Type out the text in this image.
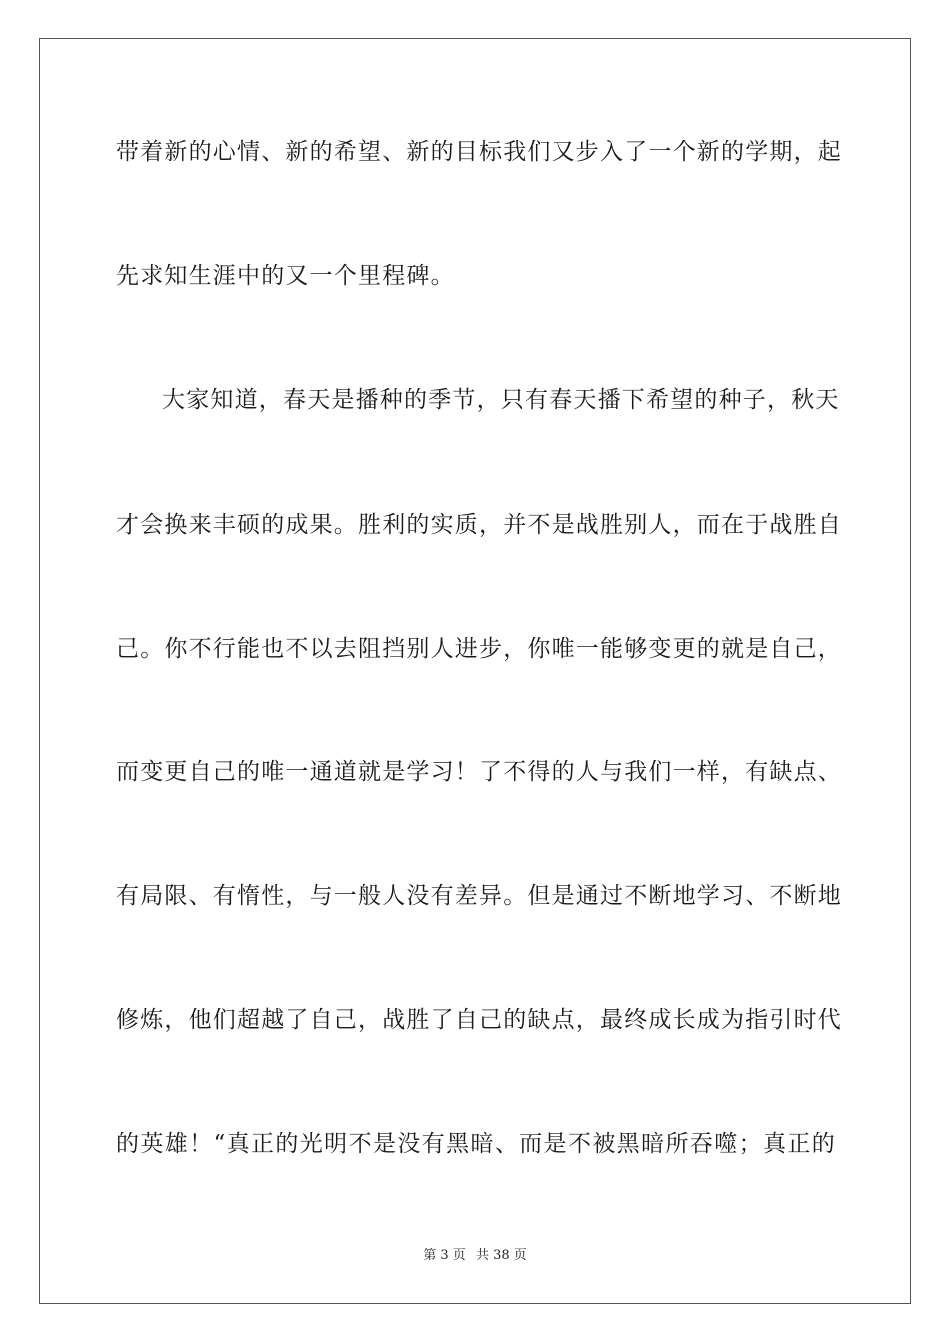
带着新的心情、新的希望、新的目标我们又步入了一个新的学期，起
先求知生涯中的又一个里程碑。
大家知道，春天是播种的季节，只有春天播下希望的种子，秋天
才会换来丰硕的成果。胜利的实质，并不是战胜别人，而在于战胜自
己。你不行能也不以去阻挡别人进步，你唯一能够变更的就是自己，
而变更自己的唯一通道就是学习！了不得的人与我们一样，有缺点、
有局限、有惰性，与一般人没有差异。但是通过不断地学习、不断地
修炼，他们超越了自己，战胜了自己的缺点，最终成长成为指引时代
的英雄！“真正的光明不是没有黑暗、而是不被黑暗所吞噬；真正的
第 3 页 共 38 页
